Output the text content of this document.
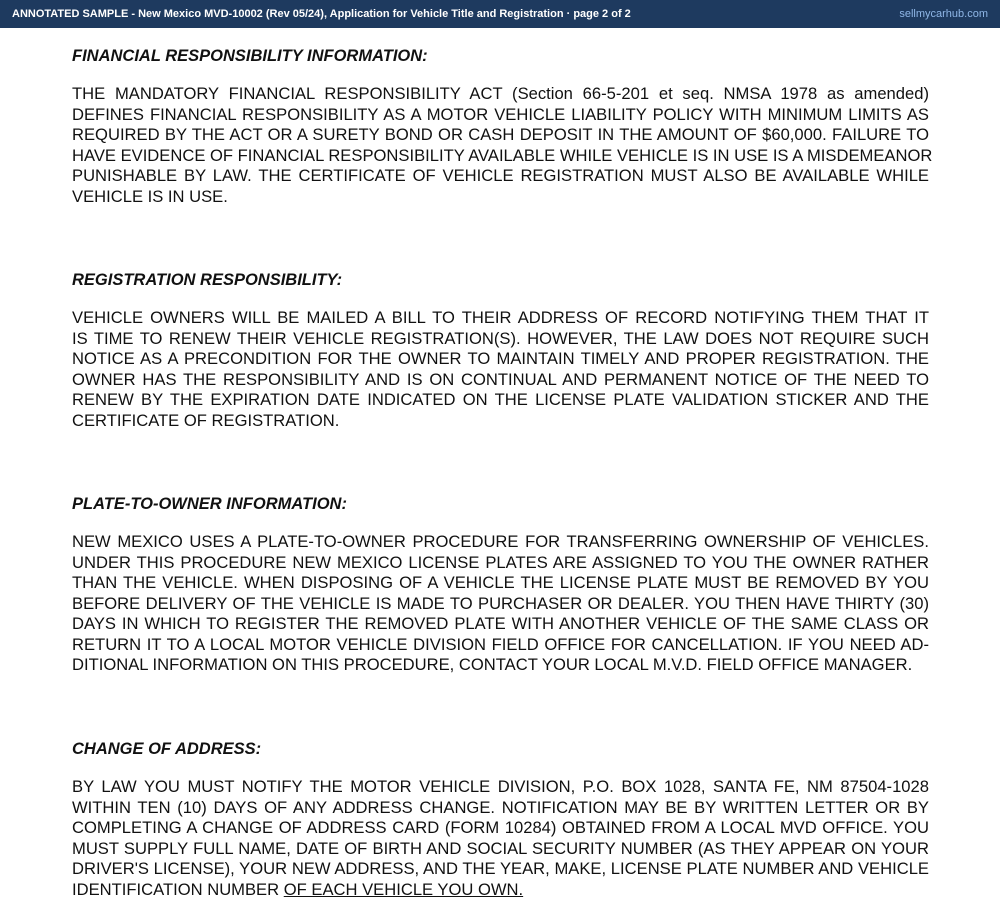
ANNOTATED SAMPLE - New Mexico MVD-10002 (Rev 05/24), Application for Vehicle Title and Registration · page 2 of 2	sellmycarhub.com
FINANCIAL RESPONSIBILITY INFORMATION:
THE MANDATORY FINANCIAL RESPONSIBILITY ACT (Section 66-5-201 et seq. NMSA 1978 as amended)
DEFINES FINANCIAL RESPONSIBILITY AS A MOTOR VEHICLE LIABILITY POLICY WITH MINIMUM LIMITS AS
REQUIRED BY THE ACT OR A SURETY BOND OR CASH DEPOSIT IN THE AMOUNT OF $60,000. FAILURE TO
HAVE EVIDENCE OF FINANCIAL RESPONSIBILITY AVAILABLE WHILE VEHICLE IS IN USE IS A MISDEMEANOR
PUNISHABLE BY LAW. THE CERTIFICATE OF VEHICLE REGISTRATION MUST ALSO BE AVAILABLE WHILE
VEHICLE IS IN USE.
REGISTRATION RESPONSIBILITY:
VEHICLE OWNERS WILL BE MAILED A BILL TO THEIR ADDRESS OF RECORD NOTIFYING THEM THAT IT
IS TIME TO RENEW THEIR VEHICLE REGISTRATION(S). HOWEVER, THE LAW DOES NOT REQUIRE SUCH
NOTICE AS A PRECONDITION FOR THE OWNER TO MAINTAIN TIMELY AND PROPER REGISTRATION. THE
OWNER HAS THE RESPONSIBILITY AND IS ON CONTINUAL AND PERMANENT NOTICE OF THE NEED TO
RENEW BY THE EXPIRATION DATE INDICATED ON THE LICENSE PLATE VALIDATION STICKER AND THE
CERTIFICATE OF REGISTRATION.
PLATE-TO-OWNER INFORMATION:
NEW MEXICO USES A PLATE-TO-OWNER PROCEDURE FOR TRANSFERRING OWNERSHIP OF VEHICLES.
UNDER THIS PROCEDURE NEW MEXICO LICENSE PLATES ARE ASSIGNED TO YOU THE OWNER RATHER
THAN THE VEHICLE. WHEN DISPOSING OF A VEHICLE THE LICENSE PLATE MUST BE REMOVED BY YOU
BEFORE DELIVERY OF THE VEHICLE IS MADE TO PURCHASER OR DEALER. YOU THEN HAVE THIRTY (30)
DAYS IN WHICH TO REGISTER THE REMOVED PLATE WITH ANOTHER VEHICLE OF THE SAME CLASS OR
RETURN IT TO A LOCAL MOTOR VEHICLE DIVISION FIELD OFFICE FOR CANCELLATION. IF YOU NEED AD-
DITIONAL INFORMATION ON THIS PROCEDURE, CONTACT YOUR LOCAL M.V.D. FIELD OFFICE MANAGER.
CHANGE OF ADDRESS:
BY LAW YOU MUST NOTIFY THE MOTOR VEHICLE DIVISION, P.O. BOX 1028, SANTA FE, NM 87504-1028
WITHIN TEN (10) DAYS OF ANY ADDRESS CHANGE. NOTIFICATION MAY BE BY WRITTEN LETTER OR BY
COMPLETING A CHANGE OF ADDRESS CARD (FORM 10284) OBTAINED FROM A LOCAL MVD OFFICE. YOU
MUST SUPPLY FULL NAME, DATE OF BIRTH AND SOCIAL SECURITY NUMBER (AS THEY APPEAR ON YOUR
DRIVER'S LICENSE), YOUR NEW ADDRESS, AND THE YEAR, MAKE, LICENSE PLATE NUMBER AND VEHICLE
IDENTIFICATION NUMBER OF EACH VEHICLE YOU OWN.
